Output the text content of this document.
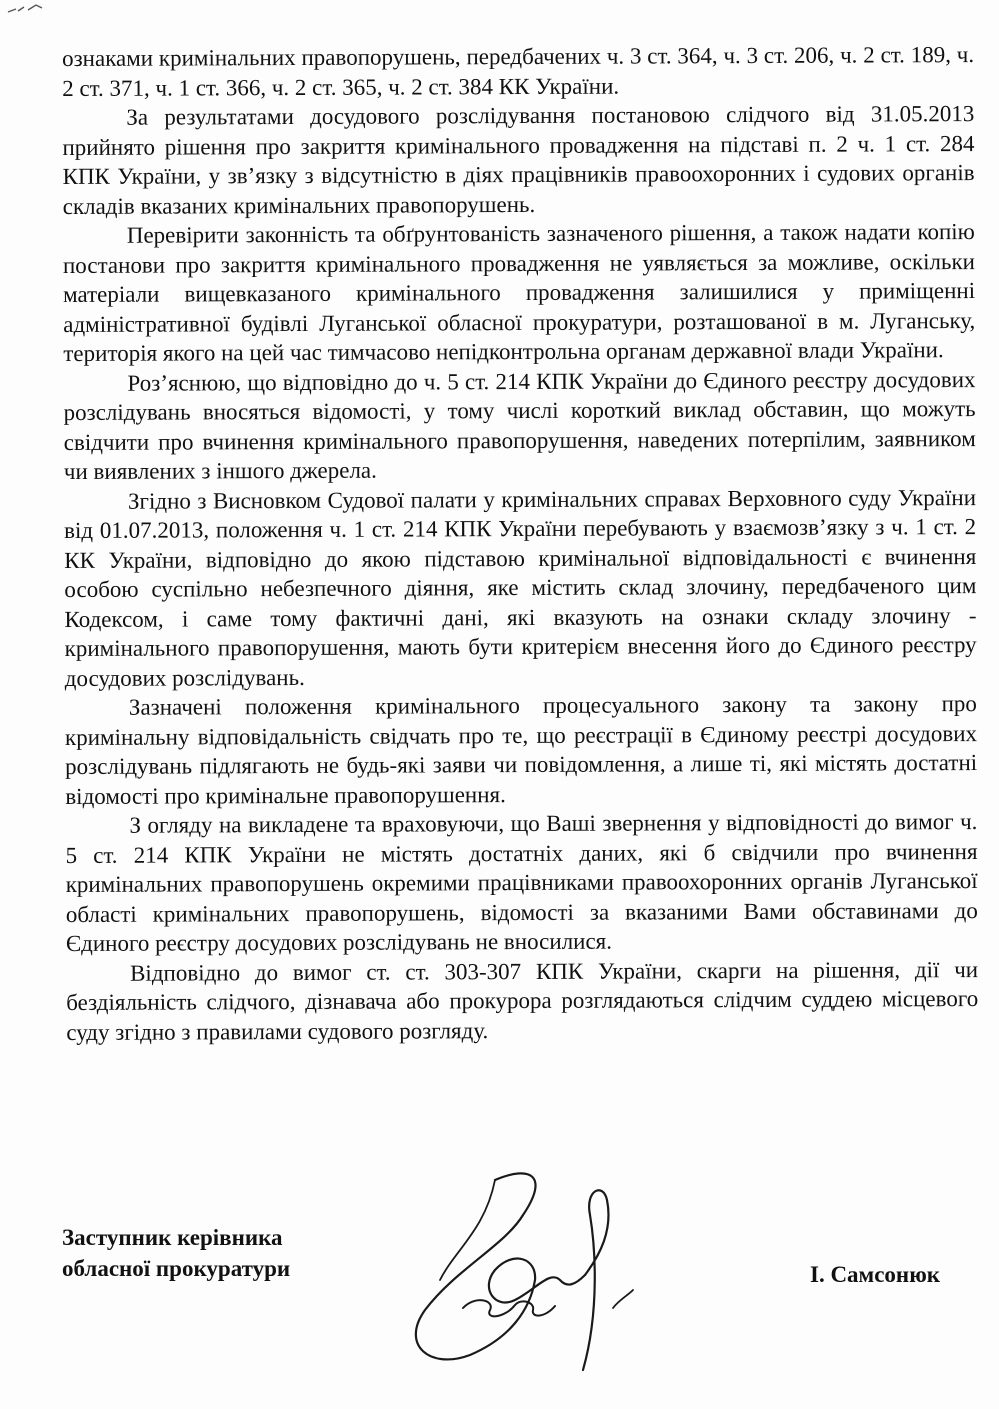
ознаками кримінальних правопорушень, передбачених ч. 3 ст. 364, ч. 3 ст. 206, ч. 2 ст. 189, ч. 2 ст. 371, ч. 1 ст. 366, ч. 2 ст. 365, ч. 2 ст. 384 КК України.

За результатами досудового розслідування постановою слідчого від 31.05.2013 прийнято рішення про закриття кримінального провадження на підставі п. 2 ч. 1 ст. 284 КПК України, у зв’язку з відсутністю в діях працівників правоохоронних і судових органів складів вказаних кримінальних правопорушень.

Перевірити законність та обґрунтованість зазначеного рішення, а також надати копію постанови про закриття кримінального провадження не уявляється за можливе, оскільки матеріали вищевказаного кримінального провадження залишилися у приміщенні адміністративної будівлі Луганської обласної прокуратури, розташованої в м. Луганську, територія якого на цей час тимчасово непідконтрольна органам державної влади України.

Роз’яснюю, що відповідно до ч. 5 ст. 214 КПК України до Єдиного реєстру досудових розслідувань вносяться відомості, у тому числі короткий виклад обставин, що можуть свідчити про вчинення кримінального правопорушення, наведених потерпілим, заявником чи виявлених з іншого джерела.

Згідно з Висновком Судової палати у кримінальних справах Верховного суду України від 01.07.2013, положення ч. 1 ст. 214 КПК України перебувають у взаємозв’язку з ч. 1 ст. 2 КК України, відповідно до якою підставою кримінальної відповідальності є вчинення особою суспільно небезпечного діяння, яке містить склад злочину, передбаченого цим Кодексом, і саме тому фактичні дані, які вказують на ознаки складу злочину - кримінального правопорушення, мають бути критерієм внесення його до Єдиного реєстру досудових розслідувань.

Зазначені положення кримінального процесуального закону та закону про кримінальну відповідальність свідчать про те, що реєстрації в Єдиному реєстрі досудових розслідувань підлягають не будь-які заяви чи повідомлення, а лише ті, які містять достатні відомості про кримінальне правопорушення.

З огляду на викладене та враховуючи, що Ваші звернення у відповідності до вимог ч. 5 ст. 214 КПК України не містять достатніх даних, які б свідчили про вчинення кримінальних правопорушень окремими працівниками правоохоронних органів Луганської області кримінальних правопорушень, відомості за вказаними Вами обставинами до Єдиного реєстру досудових розслідувань не вносилися.

Відповідно до вимог ст. ст. 303-307 КПК України, скарги на рішення, дії чи бездіяльність слідчого, дізнавача або прокурора розглядаються слідчим суддею місцевого суду згідно з правилами судового розгляду.

Заступник керівника
обласної прокуратури	І. Самсонюк
